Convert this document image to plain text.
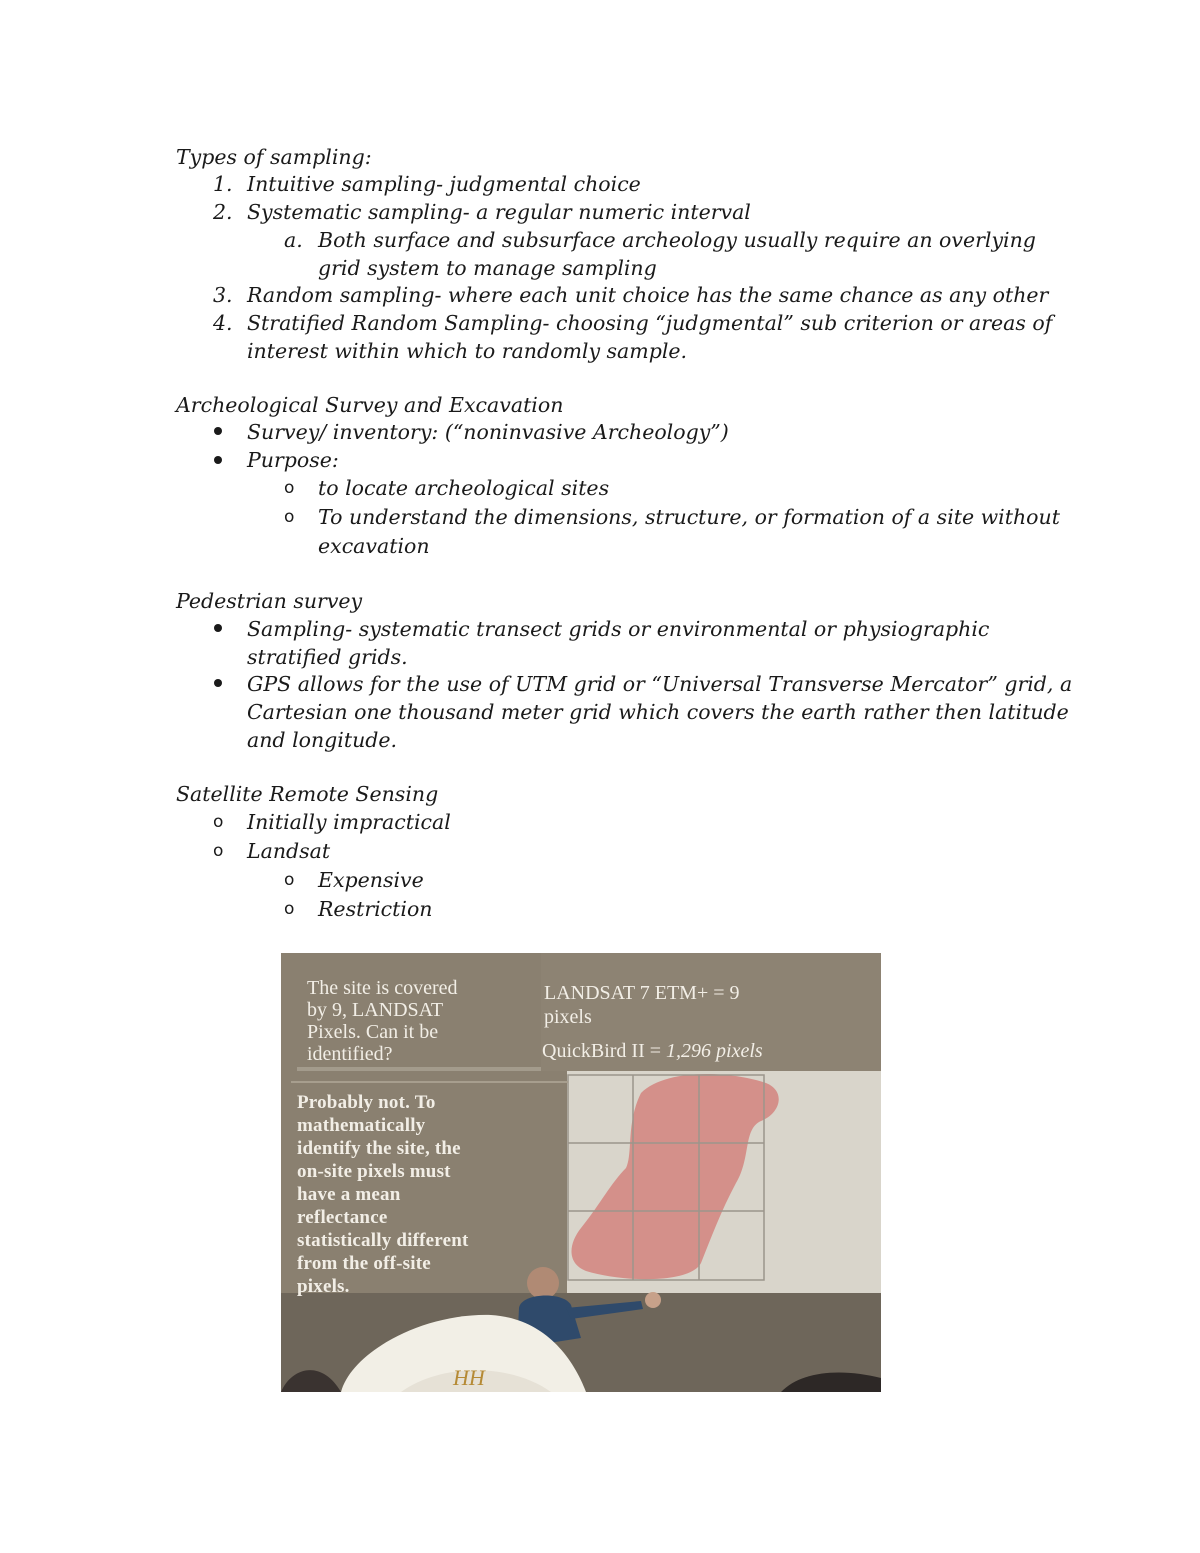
Types of sampling:
1. Intuitive sampling- judgmental choice
2. Systematic sampling- a regular numeric interval
a. Both surface and subsurface archeology usually require an overlying
grid system to manage sampling
3. Random sampling- where each unit choice has the same chance as any other
4. Stratified Random Sampling- choosing “judgmental” sub criterion or areas of
interest within which to randomly sample.
Archeological Survey and Excavation
Survey/ inventory: (“noninvasive Archeology”)
Purpose:
o to locate archeological sites
o To understand the dimensions, structure, or formation of a site without
excavation
Pedestrian survey
Sampling- systematic transect grids or environmental or physiographic
stratified grids.
GPS allows for the use of UTM grid or “Universal Transverse Mercator” grid, a
Cartesian one thousand meter grid which covers the earth rather then latitude
and longitude.
Satellite Remote Sensing
o Initially impractical
o Landsat
o Expensive
o Restriction
HH
The site is covered
by 9, LANDSAT
Pixels. Can it be
identified?
LANDSAT 7 ETM+ = 9
pixels
QuickBird II = 1,296 pixels
Probably not. To
mathematically
identify the site, the
on-site pixels must
have a mean
reflectance
statistically different
from the off-site
pixels.
